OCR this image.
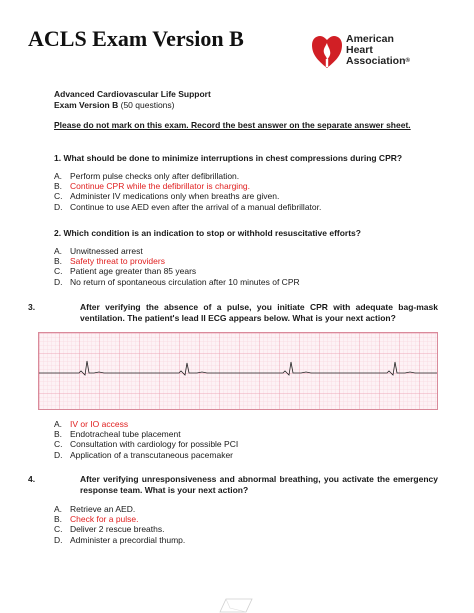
ACLS Exam Version B	American
Heart
Association®
Advanced Cardiovascular Life Support
Exam Version B (50 questions)
Please do not mark on this exam. Record the best answer on the separate answer sheet.
1. What should be done to minimize interruptions in chest compressions during CPR?
A. Perform pulse checks only after defibrillation.
B. Continue CPR while the defibrillator is charging.
C. Administer IV medications only when breaths are given.
D. Continue to use AED even after the arrival of a manual defibrillator.
2. Which condition is an indication to stop or withhold resuscitative efforts?
A. Unwitnessed arrest
B. Safety threat to providers
C. Patient age greater than 85 years
D. No return of spontaneous circulation after 10 minutes of CPR
3.	After verifying the absence of a pulse, you initiate CPR with adequate bag-mask ventilation. The patient's lead II ECG appears below. What is your next action?
A. IV or IO access
B. Endotracheal tube placement
C. Consultation with cardiology for possible PCI
D. Application of a transcutaneous pacemaker
4.	After verifying unresponsiveness and abnormal breathing, you activate the emergency response team. What is your next action?
A. Retrieve an AED.
B. Check for a pulse.
C. Deliver 2 rescue breaths.
D. Administer a precordial thump.
